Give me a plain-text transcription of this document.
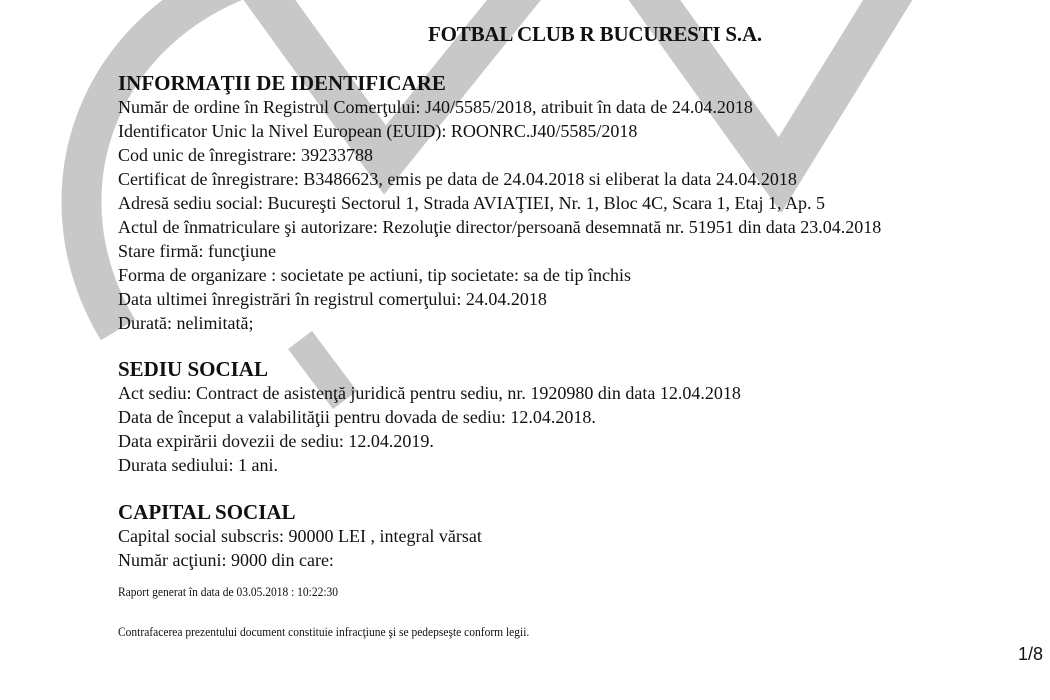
FOTBAL CLUB R BUCURESTI S.A.

INFORMAŢII DE IDENTIFICARE

Număr de ordine în Registrul Comerţului: J40/5585/2018, atribuit în data de 24.04.2018

Identificator Unic la Nivel European (EUID): ROONRC.J40/5585/2018

Cod unic de înregistrare: 39233788

Certificat de înregistrare: B3486623, emis pe data de 24.04.2018 si eliberat la data 24.04.2018

Adresă sediu social: Bucureşti Sectorul 1, Strada AVIAŢIEI, Nr. 1, Bloc 4C, Scara 1, Etaj 1, Ap. 5

Actul de înmatriculare şi autorizare: Rezoluţie director/persoană desemnată nr. 51951 din data 23.04.2018

Stare firmă: funcţiune

Forma de organizare : societate pe actiuni, tip societate: sa de tip închis

Data ultimei înregistrări în registrul comerţului: 24.04.2018

Durată: nelimitată;

SEDIU SOCIAL

Act sediu: Contract de asistenţă juridică pentru sediu, nr. 1920980 din data 12.04.2018

Data de început a valabilităţii pentru dovada de sediu: 12.04.2018.

Data expirării dovezii de sediu: 12.04.2019.

Durata sediului: 1 ani.

CAPITAL SOCIAL

Capital social subscris: 90000 LEI , integral vărsat

Număr acţiuni: 9000 din care:

Raport generat în data de 03.05.2018 : 10:22:30
Contrafacerea prezentului document constituie infracţiune şi se pedepseşte conform legii.
1/8
